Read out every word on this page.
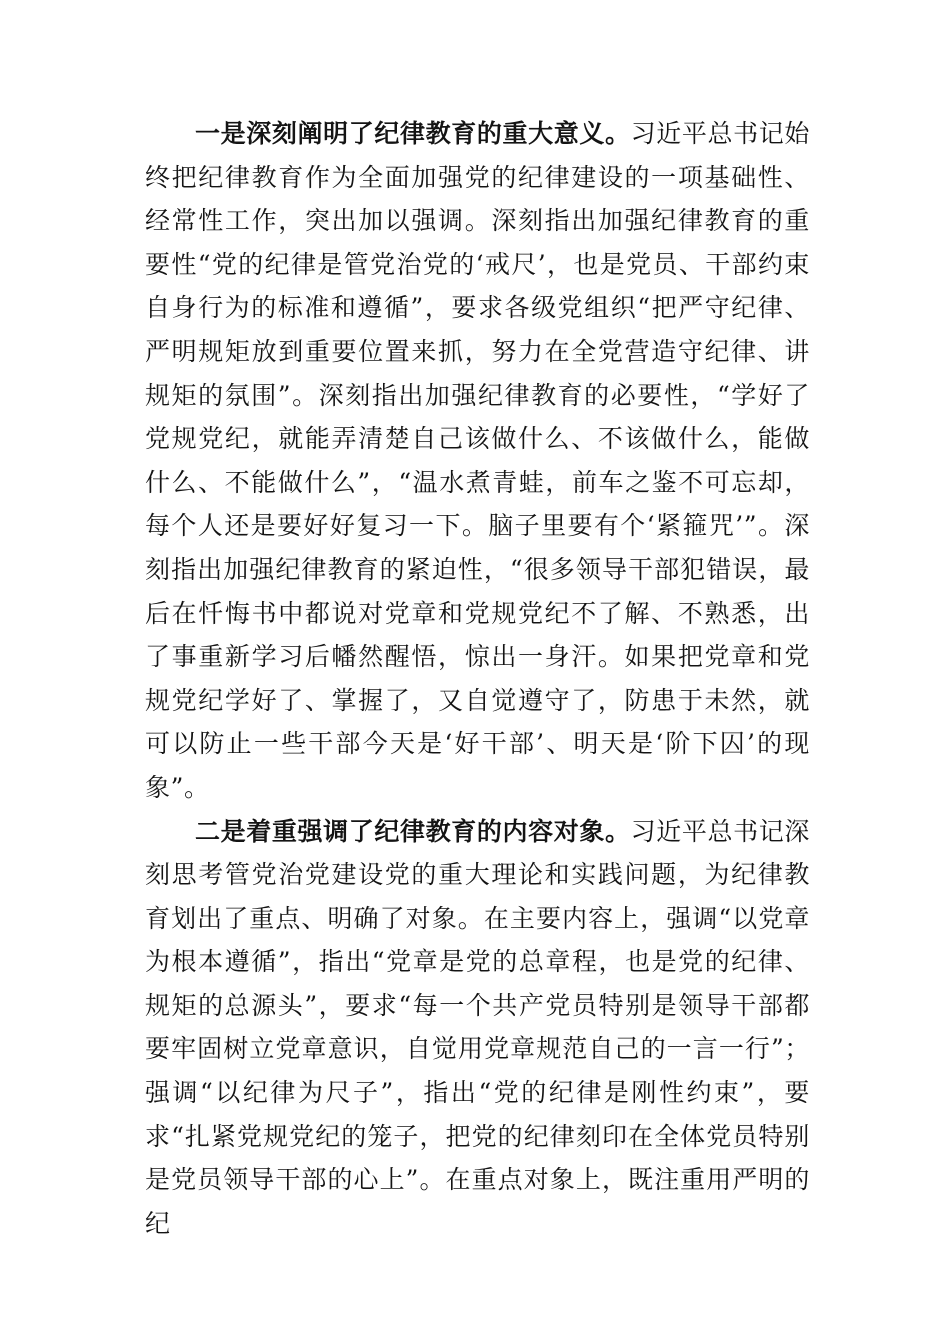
一是深刻阐明了纪律教育的重大意义。习近平总书记始终把纪律教育作为全面加强党的纪律建设的一项基础性、经常性工作，突出加以强调。深刻指出加强纪律教育的重要性“党的纪律是管党治党的‘戒尺’，也是党员、干部约束自身行为的标准和遵循”，要求各级党组织“把严守纪律、严明规矩放到重要位置来抓，努力在全党营造守纪律、讲规矩的氛围”。深刻指出加强纪律教育的必要性，“学好了党规党纪，就能弄清楚自己该做什么、不该做什么，能做什么、不能做什么”，“温水煮青蛙，前车之鉴不可忘却，每个人还是要好好复习一下。脑子里要有个‘紧箍咒’”。深刻指出加强纪律教育的紧迫性，“很多领导干部犯错误，最后在忏悔书中都说对党章和党规党纪不了解、不熟悉，出了事重新学习后幡然醒悟，惊出一身汗。如果把党章和党规党纪学好了、掌握了，又自觉遵守了，防患于未然，就可以防止一些干部今天是‘好干部’、明天是‘阶下囚’的现象”。

二是着重强调了纪律教育的内容对象。习近平总书记深刻思考管党治党建设党的重大理论和实践问题，为纪律教育划出了重点、明确了对象。在主要内容上，强调“以党章为根本遵循”，指出“党章是党的总章程，也是党的纪律、规矩的总源头”，要求“每一个共产党员特别是领导干部都要牢固树立党章意识，自觉用党章规范自己的一言一行”；强调“以纪律为尺子”，指出“党的纪律是刚性约束”，要求“扎紧党规党纪的笼子，把党的纪律刻印在全体党员特别是党员领导干部的心上”。在重点对象上，既注重用严明的纪
